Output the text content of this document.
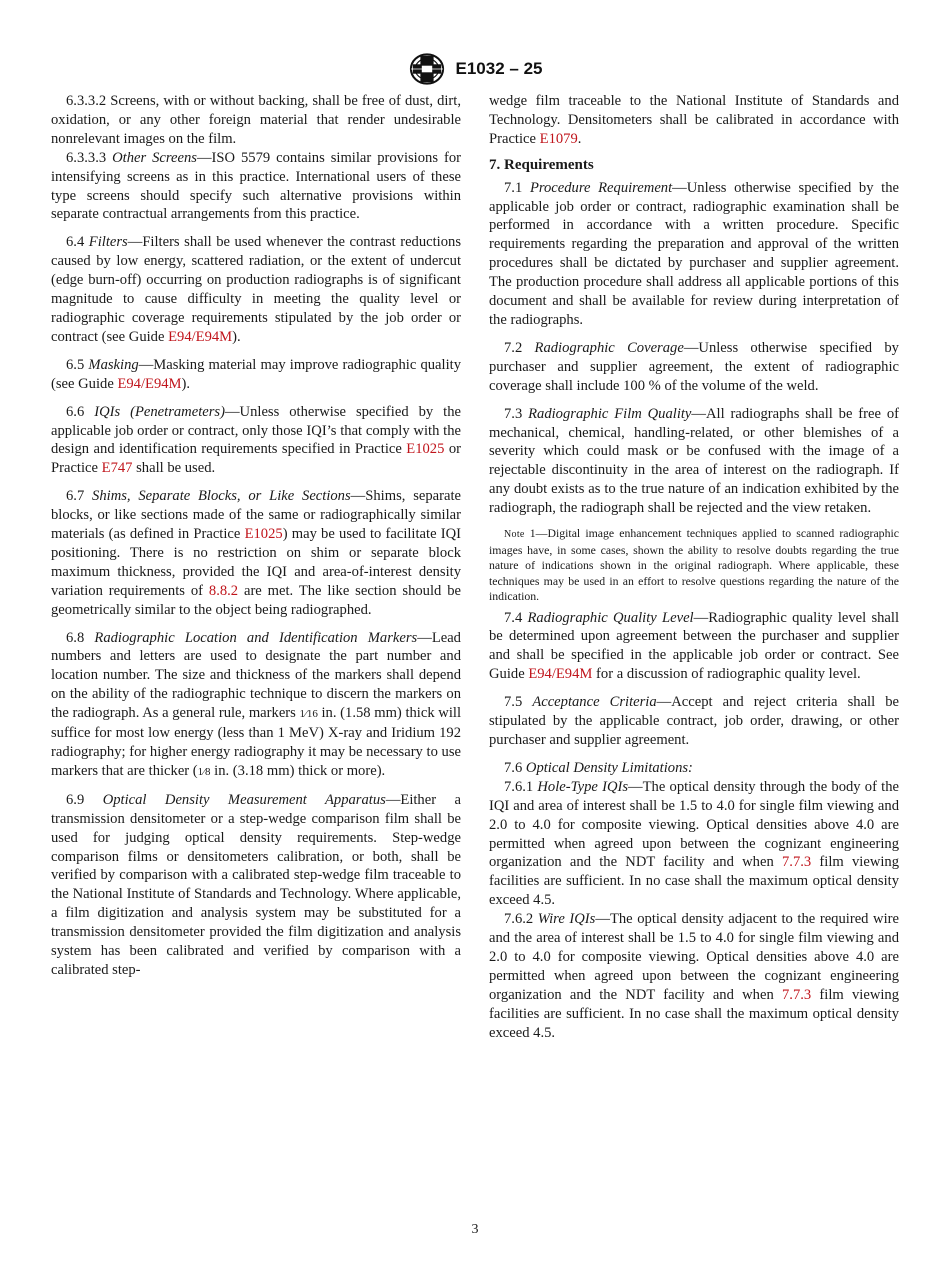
E1032 – 25

6.3.3.2 Screens, with or without backing, shall be free of dust, dirt, oxidation, or any other foreign material that render undesirable nonrelevant images on the film.

6.3.3.3 Other Screens—ISO 5579 contains similar provisions for intensifying screens as in this practice. International users of these type screens should specify such alternative provisions within separate contractual arrangements from this practice.

6.4 Filters—Filters shall be used whenever the contrast reductions caused by low energy, scattered radiation, or the extent of undercut (edge burn-off) occurring on production radiographs is of significant magnitude to cause difficulty in meeting the quality level or radiographic coverage requirements stipulated by the job order or contract (see Guide E94/E94M).

6.5 Masking—Masking material may improve radiographic quality (see Guide E94/E94M).

6.6 IQIs (Penetrameters)—Unless otherwise specified by the applicable job order or contract, only those IQI’s that comply with the design and identification requirements specified in Practice E1025 or Practice E747 shall be used.

6.7 Shims, Separate Blocks, or Like Sections—Shims, separate blocks, or like sections made of the same or radiographically similar materials (as defined in Practice E1025) may be used to facilitate IQI positioning. There is no restriction on shim or separate block maximum thickness, provided the IQI and area-of-interest density variation requirements of 8.8.2 are met. The like section should be geometrically similar to the object being radiographed.

6.8 Radiographic Location and Identification Markers—Lead numbers and letters are used to designate the part number and location number. The size and thickness of the markers shall depend on the ability of the radiographic technique to discern the markers on the radiograph. As a general rule, markers 1⁄16 in. (1.58 mm) thick will suffice for most low energy (less than 1 MeV) X-ray and Iridium 192 radiography; for higher energy radiography it may be necessary to use markers that are thicker (1⁄8 in. (3.18 mm) thick or more).

6.9 Optical Density Measurement Apparatus—Either a transmission densitometer or a step-wedge comparison film shall be used for judging optical density requirements. Step-wedge comparison films or densitometers calibration, or both, shall be verified by comparison with a calibrated step-wedge film traceable to the National Institute of Standards and Technology. Where applicable, a film digitization and analysis system may be substituted for a transmission densitometer provided the film digitization and analysis system has been calibrated and verified by comparison with a calibrated step-

wedge film traceable to the National Institute of Standards and Technology. Densitometers shall be calibrated in accordance with Practice E1079.

7. Requirements

7.1 Procedure Requirement—Unless otherwise specified by the applicable job order or contract, radiographic examination shall be performed in accordance with a written procedure. Specific requirements regarding the preparation and approval of the written procedures shall be dictated by purchaser and supplier agreement. The production procedure shall address all applicable portions of this document and shall be available for review during interpretation of the radiographs.

7.2 Radiographic Coverage—Unless otherwise specified by purchaser and supplier agreement, the extent of radiographic coverage shall include 100 % of the volume of the weld.

7.3 Radiographic Film Quality—All radiographs shall be free of mechanical, chemical, handling-related, or other blemishes of a severity which could mask or be confused with the image of a rejectable discontinuity in the area of interest on the radiograph. If any doubt exists as to the true nature of an indication exhibited by the radiograph, the radiograph shall be rejected and the view retaken.

Note 1—Digital image enhancement techniques applied to scanned radiographic images have, in some cases, shown the ability to resolve doubts regarding the true nature of indications shown in the original radiograph. Where applicable, these techniques may be used in an effort to resolve questions regarding the nature of the indication.

7.4 Radiographic Quality Level—Radiographic quality level shall be determined upon agreement between the purchaser and supplier and shall be specified in the applicable job order or contract. See Guide E94/E94M for a discussion of radiographic quality level.

7.5 Acceptance Criteria—Accept and reject criteria shall be stipulated by the applicable contract, job order, drawing, or other purchaser and supplier agreement.

7.6 Optical Density Limitations:

7.6.1 Hole-Type IQIs—The optical density through the body of the IQI and area of interest shall be 1.5 to 4.0 for single film viewing and 2.0 to 4.0 for composite viewing. Optical densities above 4.0 are permitted when agreed upon between the cognizant engineering organization and the NDT facility and when 7.7.3 film viewing facilities are sufficient. In no case shall the maximum optical density exceed 4.5.

7.6.2 Wire IQIs—The optical density adjacent to the required wire and the area of interest shall be 1.5 to 4.0 for single film viewing and 2.0 to 4.0 for composite viewing. Optical densities above 4.0 are permitted when agreed upon between the cognizant engineering organization and the NDT facility and when 7.7.3 film viewing facilities are sufficient. In no case shall the maximum optical density exceed 4.5.

3
